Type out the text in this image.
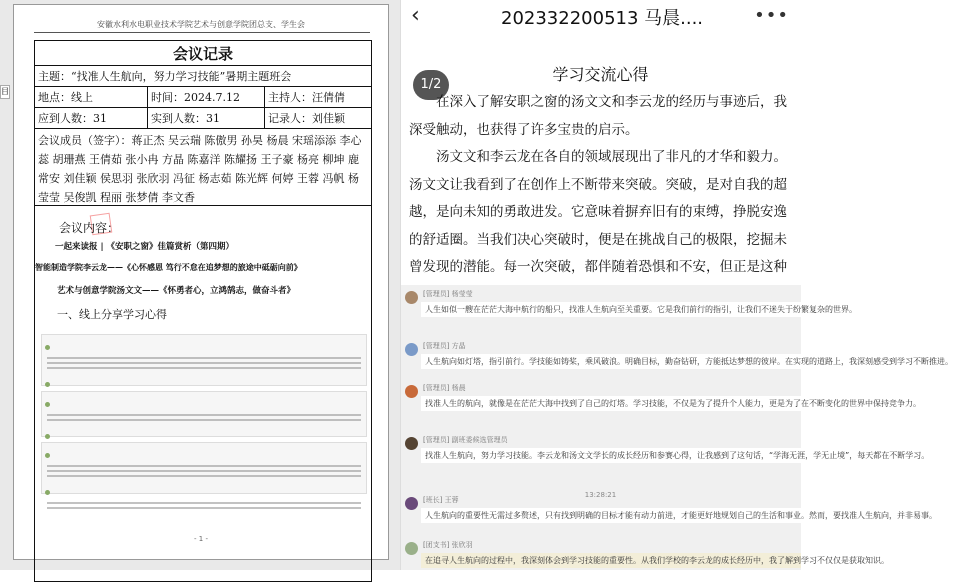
目
安徽水利水电职业技术学院艺术与创意学院团总支、学生会
会议记录
主题：“找准人生航向，努力学习技能”暑期主题班会
地点：线上	时间：2024.7.12	主持人：汪倩倩
应到人数：31	实到人数：31	记录人：刘佳颖
会议成员（签字）：蒋正杰 吴云瑞 陈傲男 孙昊 杨晨 宋瑶添添 李心蕊 胡珊燕 王倩茹 张小冉 方晶 陈嘉洋 陈耀扬 王子豪 杨亮 柳坤 鹿常安 刘佳颖 侯思羽 张欣羽 冯征 杨志茹 陈光辉 何婷 王蓉 冯帆 杨莹莹 吴俊凯 程丽 张梦倩 李文香
会议内容：
一起来读报 | 《安职之窗》佳篇赏析（第四期）
智能制造学院李云龙——《心怀感恩 笃行不怠在追梦想的旅途中砥砺向前》
艺术与创意学院汤文文——《怀勇者心，立鸿鹄志，做奋斗者》
一、线上分享学习心得
- 1 -
‹	202332200513 马晨....	•••
1/2
学习交流心得
在深入了解安职之窗的汤文文和李云龙的经历与事迹后，我深受触动，也获得了许多宝贵的启示。
汤文文和李云龙在各自的领域展现出了非凡的才华和毅力。汤文文让我看到了在创作上不断带来突破。突破，是对自我的超越，是向未知的勇敢进发。它意味着摒弃旧有的束缚，挣脱安逸的舒适圈。当我们决心突破时，便是在挑战自己的极限，挖掘未曾发现的潜能。每一次突破，都伴随着恐惧和不安，但正是这种
[管理员] 杨莹莹
人生如似一艘在茫茫大海中航行的船只，找准人生航向至关重要。它是我们前行的指引，让我们不迷失于纷繁复杂的世界。
[管理员] 方晶
人生航向如灯塔，指引前行。学技能如铸桨，乘风破浪。明确目标，勤奋钻研，方能抵达梦想的彼岸。在实现的道路上，我深刻感受到学习不断推进。
[管理员] 杨晨
找准人生的航向，就像是在茫茫大海中找到了自己的灯塔。学习技能，不仅是为了提升个人能力，更是为了在不断变化的世界中保持竞争力。
[管理员] 副班委候选管理员
找准人生航向，努力学习技能。李云龙和汤文文学长的成长经历和参赛心得，让我感到了这句话，“学海无涯，学无止境”，每天都在不断学习。
[班长] 王蓉
人生航向的重要性无需过多赘述，只有找到明确的目标才能有动力前进，才能更好地规划自己的生活和事业。然而，要找准人生航向，并非易事。
[团支书] 张欣羽
在追寻人生航向的过程中，我深刻体会到学习技能的重要性。从我们学校的李云龙的成长经历中，我了解到学习不仅仅是获取知识。
13:28:21
